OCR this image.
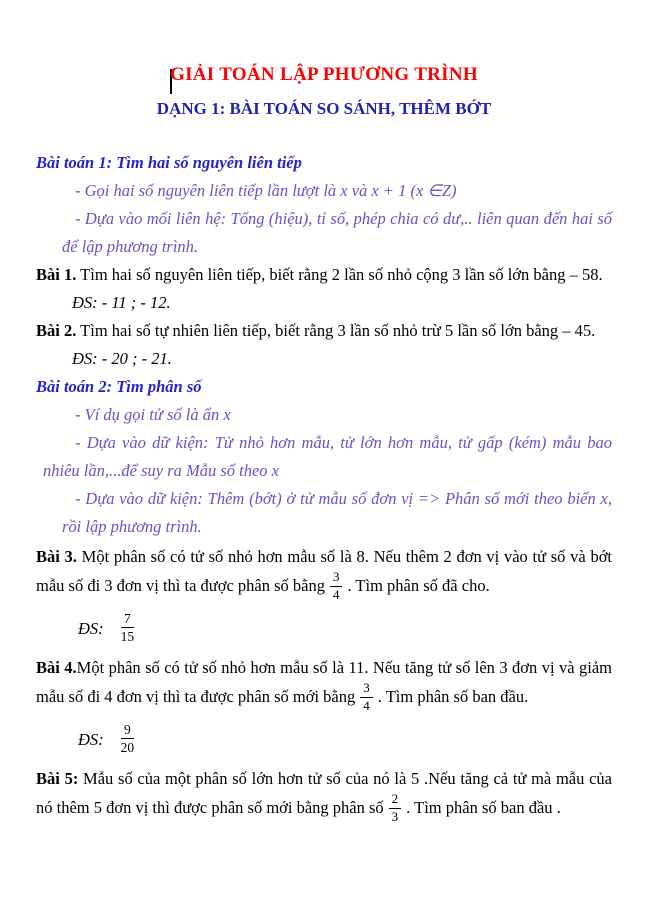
GIẢI TOÁN LẬP PHƯƠNG TRÌNH
DẠNG 1: BÀI TOÁN SO SÁNH, THÊM BỚT

Bài toán 1: Tìm hai số nguyên liên tiếp

- Gọi hai số nguyên liên tiếp lần lượt là x và x + 1 (x ∈Z)

- Dựa vào mối liên hệ: Tổng (hiệu), tỉ số, phép chia có dư,.. liên quan đến hai số để lập phương trình.

Bài 1. Tìm hai số nguyên liên tiếp, biết rằng 2 lần số nhỏ cộng 3 lần số lớn bằng – 58.

ĐS: - 11 ; - 12.

Bài 2. Tìm hai số tự nhiên liên tiếp, biết rằng 3 lần số nhỏ trừ 5 lần số lớn bằng – 45.

ĐS: - 20 ; - 21.

Bài toán 2: Tìm phân số

- Ví dụ gọi tử số là ẩn x

- Dựa vào dữ kiện: Tử nhỏ hơn mẫu, tử lớn hơn mẫu, tử gấp (kém) mẫu bao nhiêu lần,...để suy ra Mẫu số theo x

- Dựa vào dữ kiện: Thêm (bớt) ở tử mẫu số đơn vị => Phân số mới theo biến x, rồi lập phương trình.

Bài 3. Một phân số có tử số nhỏ hơn mẫu số là 8. Nếu thêm 2 đơn vị vào tử số và bớt mẫu số đi 3 đơn vị thì ta được phân số bằng $\frac{3}{4}$ . Tìm phân số đã cho.

ĐS: $\frac{7}{15}$

Bài 4.Một phân số có tử số nhỏ hơn mẫu số là 11. Nếu tăng tử số lên 3 đơn vị và giảm mẫu số đi 4 đơn vị thì ta được phân số mới bằng $\frac{3}{4}$ . Tìm phân số ban đầu.

ĐS: $\frac{9}{20}$

Bài 5: Mẫu số của một phân số lớn hơn tử số của nó là 5 .Nếu tăng cả tử mà mẫu của nó thêm 5 đơn vị thì được phân số mới bằng phân số $\frac{2}{3}$ . Tìm phân số ban đầu .
